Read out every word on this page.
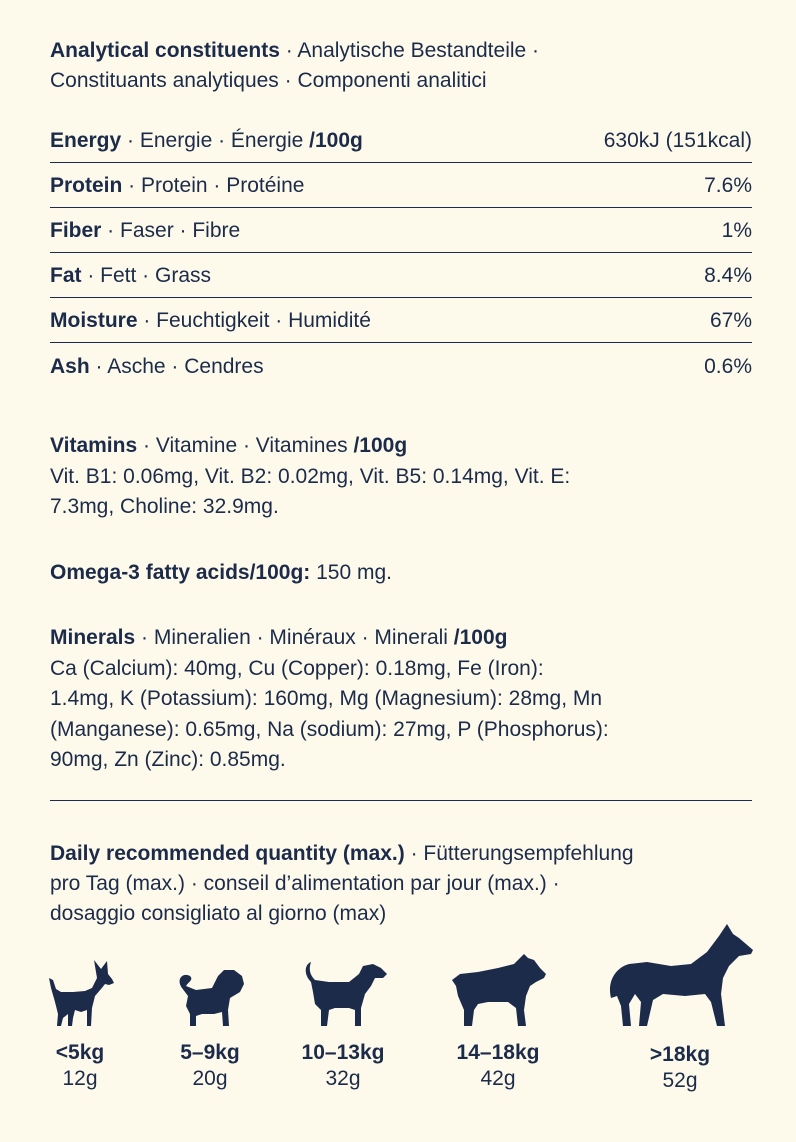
Analytical constituents · Analytische Bestandteile ·
Constituants analytiques · Componenti analitici
Energy · Energie · Énergie /100g	630kJ (151kcal)
Protein · Protein · Protéine	7.6%
Fiber · Faser · Fibre	1%
Fat · Fett · Grass	8.4%
Moisture · Feuchtigkeit · Humidité	67%
Ash · Asche · Cendres	0.6%
Vitamins · Vitamine · Vitamines /100g
Vit. B1: 0.06mg, Vit. B2: 0.02mg, Vit. B5: 0.14mg, Vit. E:
7.3mg, Choline: 32.9mg.
Omega-3 fatty acids/100g: 150 mg.
Minerals · Mineralien · Minéraux · Minerali /100g
Ca (Calcium): 40mg, Cu (Copper): 0.18mg, Fe (Iron):
1.4mg, K (Potassium): 160mg, Mg (Magnesium): 28mg, Mn
(Manganese): 0.65mg, Na (sodium): 27mg, P (Phosphorus):
90mg, Zn (Zinc): 0.85mg.
Daily recommended quantity (max.) · Fütterungsempfehlung
pro Tag (max.) · conseil d’alimentation par jour (max.) ·
dosaggio consigliato al giorno (max)
<5kg
12g
5–9kg
20g
10–13kg
32g
14–18kg
42g
>18kg
52g
